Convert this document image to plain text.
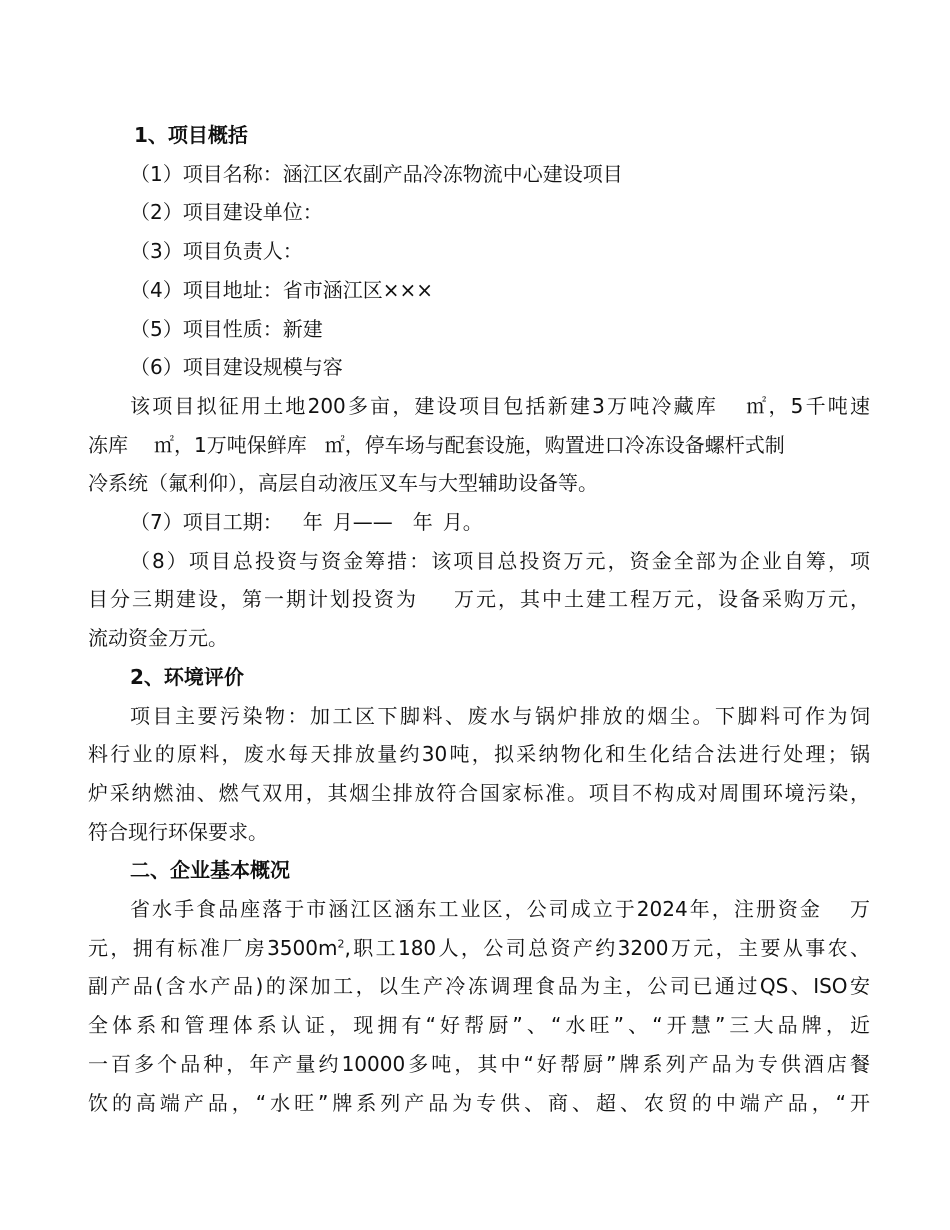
1、项目概括

（1）项目名称：涵江区农副产品冷冻物流中心建设项目

（2）项目建设单位：

（3）项目负责人：

（4）项目地址：省市涵江区×××

（5）项目性质：新建

（6）项目建设规模与容

该项目拟征用土地200多亩，建设项目包括新建3万吨冷藏库 ㎡，5千吨速

冻库 ㎡，1万吨保鲜库 ㎡，停车场与配套设施，购置进口冷冻设备螺杆式制

冷系统（氟利仰），高层自动液压叉车与大型辅助设备等。

（7）项目工期： 年 月—— 年 月。

（8）项目总投资与资金筹措：该项目总投资万元，资金全部为企业自筹，项

目分三期建设，第一期计划投资为 万元，其中土建工程万元，设备采购万元，

流动资金万元。

2、环境评价

项目主要污染物：加工区下脚料、废水与锅炉排放的烟尘。下脚料可作为饲

料行业的原料，废水每天排放量约30吨，拟采纳物化和生化结合法进行处理；锅

炉采纳燃油、燃气双用，其烟尘排放符合国家标准。项目不构成对周围环境污染，

符合现行环保要求。

二、企业基本概况

省水手食品座落于市涵江区涵东工业区，公司成立于2024年，注册资金 万

元，拥有标准厂房$3500m^2$,职工180人，公司总资产约3200万元，主要从事农、

副产品(含水产品)的深加工，以生产冷冻调理食品为主，公司已通过QS、ISO安

全体系和管理体系认证，现拥有“好帮厨”、“水旺”、“开慧”三大品牌，近

一百多个品种，年产量约10000多吨，其中“好帮厨”牌系列产品为专供酒店餐

饮的高端产品，“水旺”牌系列产品为专供、商、超、农贸的中端产品，“开
